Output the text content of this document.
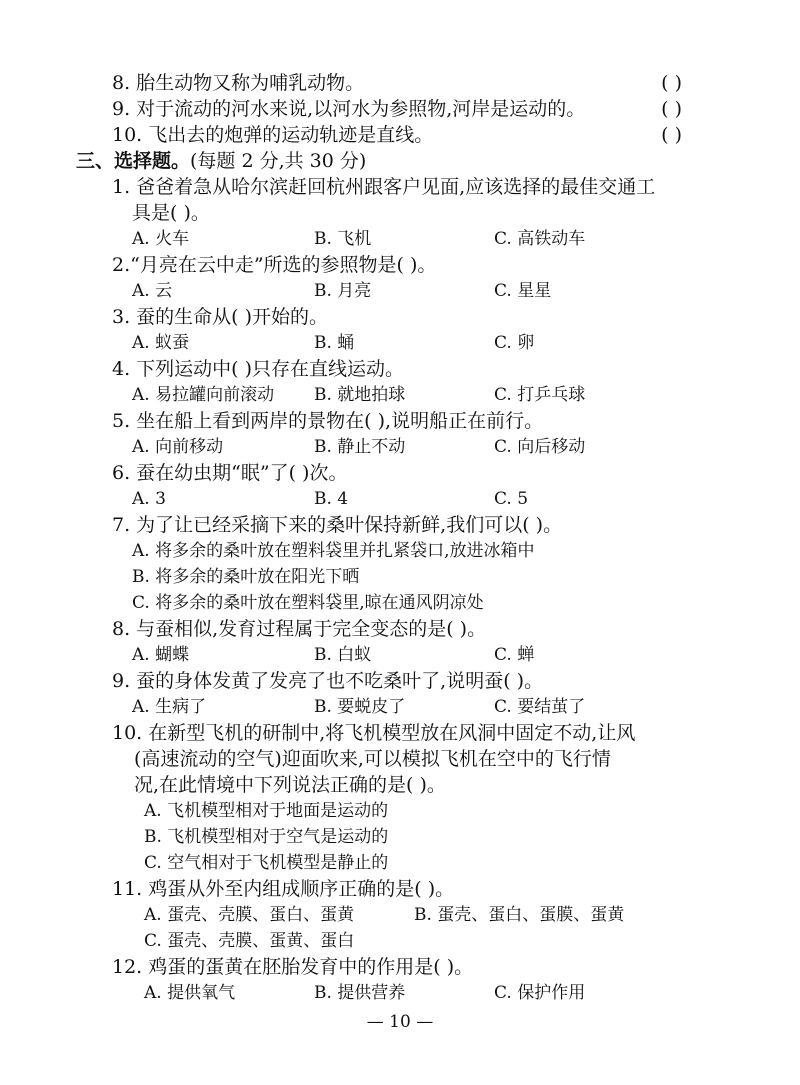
8. 胎生动物又称为哺乳动物。	( )
9. 对于流动的河水来说,以河水为参照物,河岸是运动的。	( )
10. 飞出去的炮弹的运动轨迹是直线。	( )
三、选择题。(每题 2 分,共 30 分)
1. 爸爸着急从哈尔滨赶回杭州跟客户见面,应该选择的最佳交通工
具是( )。
A. 火车	B. 飞机	C. 高铁动车
2.“月亮在云中走”所选的参照物是( )。
A. 云	B. 月亮	C. 星星
3. 蚕的生命从( )开始的。
A. 蚁蚕	B. 蛹	C. 卵
4. 下列运动中( )只存在直线运动。
A. 易拉罐向前滚动 B. 就地拍球	C. 打乒乓球
5. 坐在船上看到两岸的景物在( ),说明船正在前行。
A. 向前移动	B. 静止不动	C. 向后移动
6. 蚕在幼虫期“眠”了( )次。
A. 3	B. 4	C. 5
7. 为了让已经采摘下来的桑叶保持新鲜,我们可以( )。
A. 将多余的桑叶放在塑料袋里并扎紧袋口,放进冰箱中
B. 将多余的桑叶放在阳光下晒
C. 将多余的桑叶放在塑料袋里,晾在通风阴凉处
8. 与蚕相似,发育过程属于完全变态的是( )。
A. 蝴蝶	B. 白蚁	C. 蝉
9. 蚕的身体发黄了发亮了也不吃桑叶了,说明蚕( )。
A. 生病了	B. 要蜕皮了	C. 要结茧了
10. 在新型飞机的研制中,将飞机模型放在风洞中固定不动,让风
(高速流动的空气)迎面吹来,可以模拟飞机在空中的飞行情
况,在此情境中下列说法正确的是( )。
A. 飞机模型相对于地面是运动的
B. 飞机模型相对于空气是运动的
C. 空气相对于飞机模型是静止的
11. 鸡蛋从外至内组成顺序正确的是( )。
A. 蛋壳、壳膜、蛋白、蛋黄	B. 蛋壳、蛋白、蛋膜、蛋黄
C. 蛋壳、壳膜、蛋黄、蛋白
12. 鸡蛋的蛋黄在胚胎发育中的作用是( )。
A. 提供氧气	B. 提供营养	C. 保护作用
— 10 —
